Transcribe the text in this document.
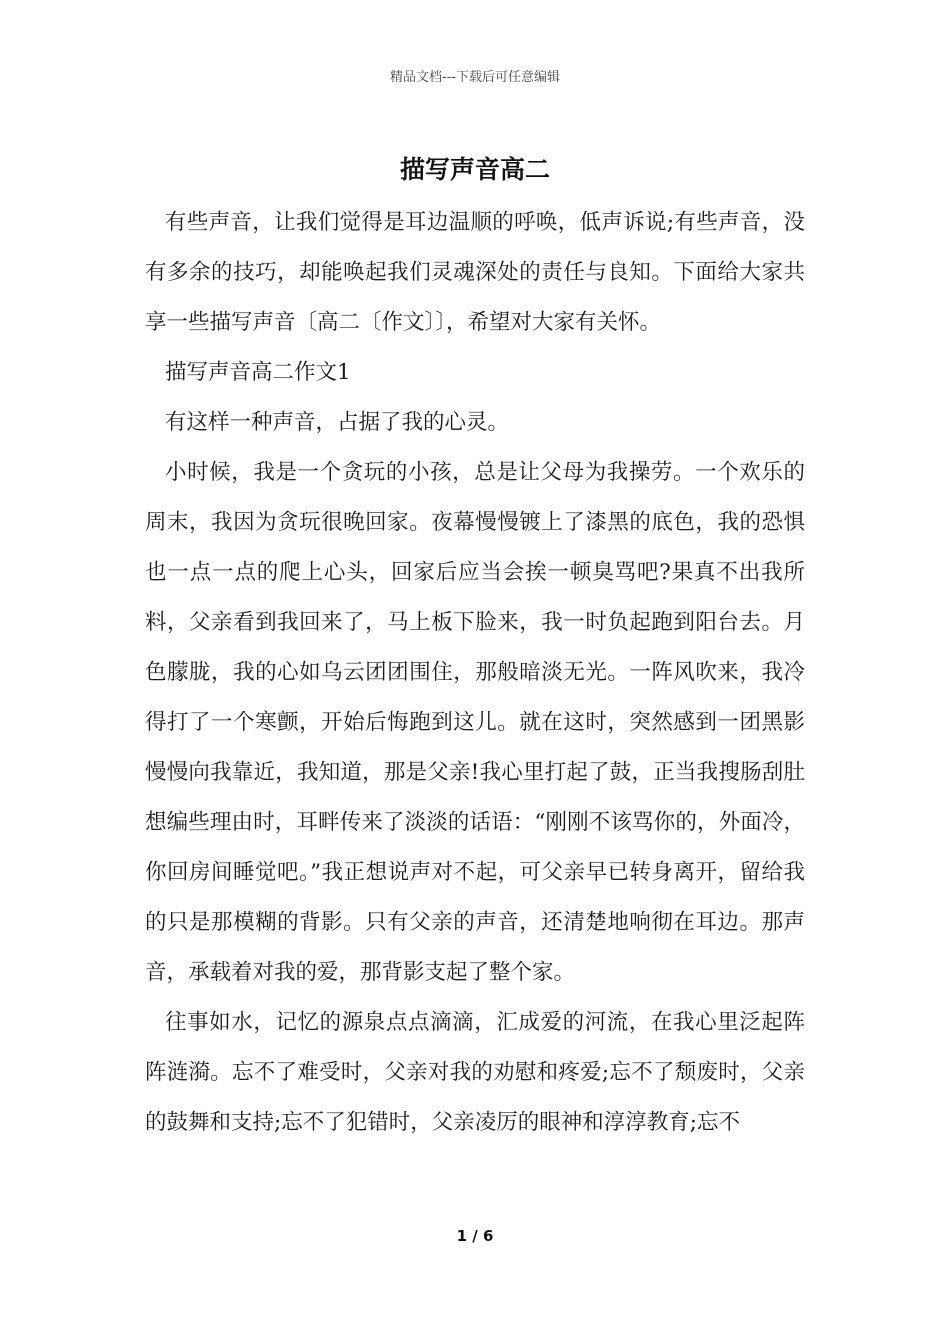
精品文档---下载后可任意编辑
描写声音高二

有些声音，让我们觉得是耳边温顺的呼唤，低声诉说;有些声音，没有多余的技巧，却能唤起我们灵魂深处的责任与良知。下面给大家共享一些描写声音〔高二〔作文〕〕，希望对大家有关怀。

描写声音高二作文1

有这样一种声音，占据了我的心灵。

小时候，我是一个贪玩的小孩，总是让父母为我操劳。一个欢乐的周末，我因为贪玩很晚回家。夜幕慢慢镀上了漆黑的底色，我的恐惧也一点一点的爬上心头，回家后应当会挨一顿臭骂吧?果真不出我所料，父亲看到我回来了，马上板下脸来，我一时负起跑到阳台去。月色朦胧，我的心如乌云团团围住，那般暗淡无光。一阵风吹来，我冷得打了一个寒颤，开始后悔跑到这儿。就在这时，突然感到一团黑影慢慢向我靠近，我知道，那是父亲!我心里打起了鼓，正当我搜肠刮肚想编些理由时，耳畔传来了淡淡的话语：“刚刚不该骂你的，外面冷，你回房间睡觉吧。”我正想说声对不起，可父亲早已转身离开，留给我的只是那模糊的背影。只有父亲的声音，还清楚地响彻在耳边。那声音，承载着对我的爱，那背影支起了整个家。

往事如水，记忆的源泉点点滴滴，汇成爱的河流，在我心里泛起阵阵涟漪。忘不了难受时，父亲对我的劝慰和疼爱;忘不了颓废时，父亲的鼓舞和支持;忘不了犯错时，父亲凌厉的眼神和淳淳教育;忘不

1 / 6
